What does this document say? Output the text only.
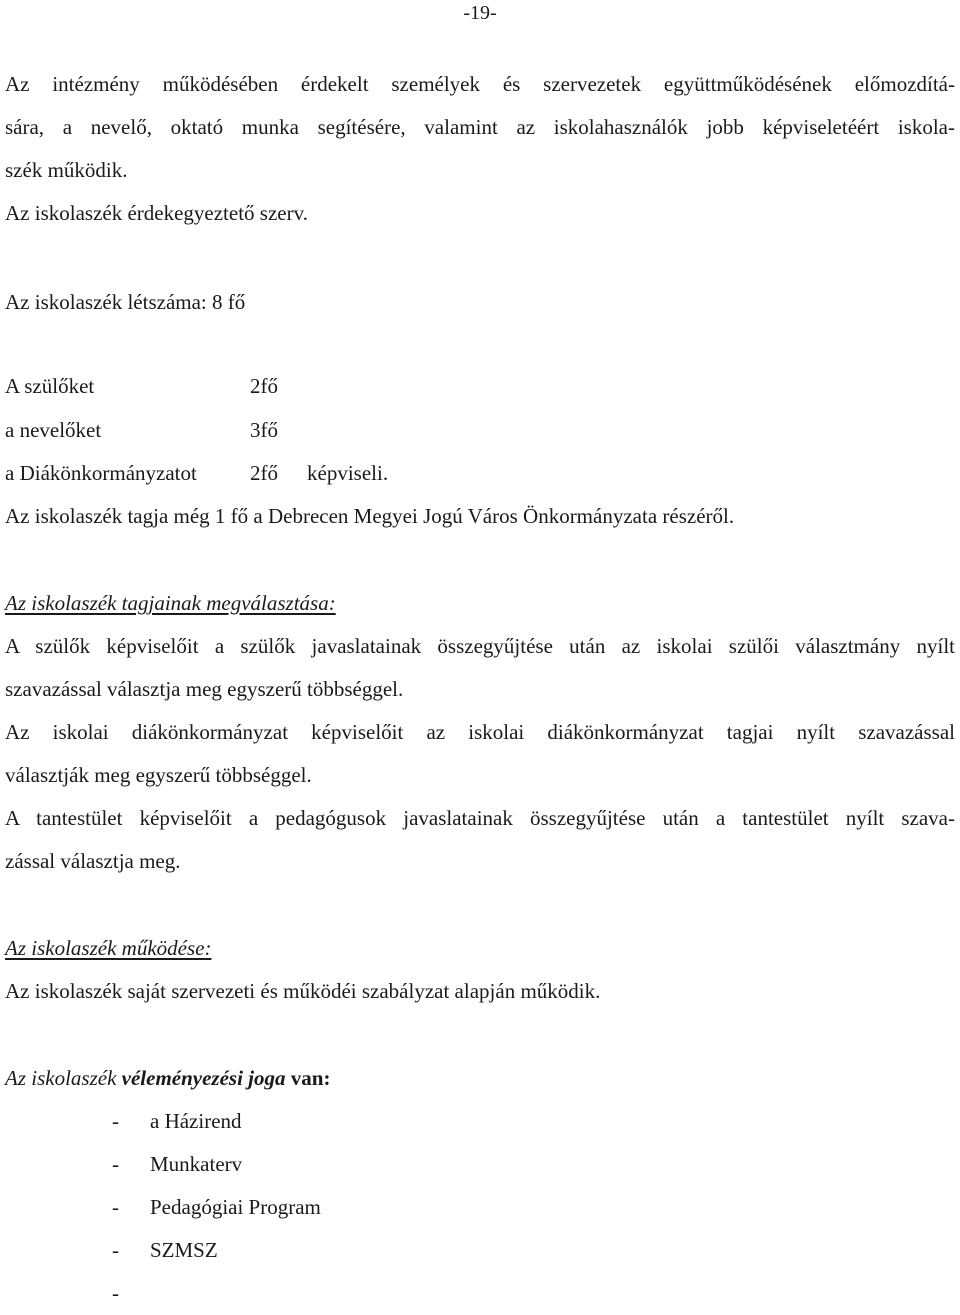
-19-
Az intézmény működésében érdekelt személyek és szervezetek együttműködésének előmozdítá-
sára, a nevelő, oktató munka segítésére, valamint az iskolahasználók jobb képviseletéért iskola-
szék működik.
Az iskolaszék érdekegyeztető szerv.
Az iskolaszék létszáma: 8 fő
A szülőket	2fő
a nevelőket	3fő
a Diákönkormányzatot	2fő képviseli.
Az iskolaszék tagja még 1 fő a Debrecen Megyei Jogú Város Önkormányzata részéről.
Az iskolaszék tagjainak megválasztása:
A szülők képviselőit a szülők javaslatainak összegyűjtése után az iskolai szülői választmány nyílt
szavazással választja meg egyszerű többséggel.
Az iskolai diákönkormányzat képviselőit az iskolai diákönkormányzat tagjai nyílt szavazással
választják meg egyszerű többséggel.
A tantestület képviselőit a pedagógusok javaslatainak összegyűjtése után a tantestület nyílt szava-
zással választja meg.
Az iskolaszék működése:
Az iskolaszék saját szervezeti és működéi szabályzat alapján működik.
Az iskolaszék véleményezési joga van:
- a Házirend
- Munkaterv
- Pedagógiai Program
- SZMSZ
-
